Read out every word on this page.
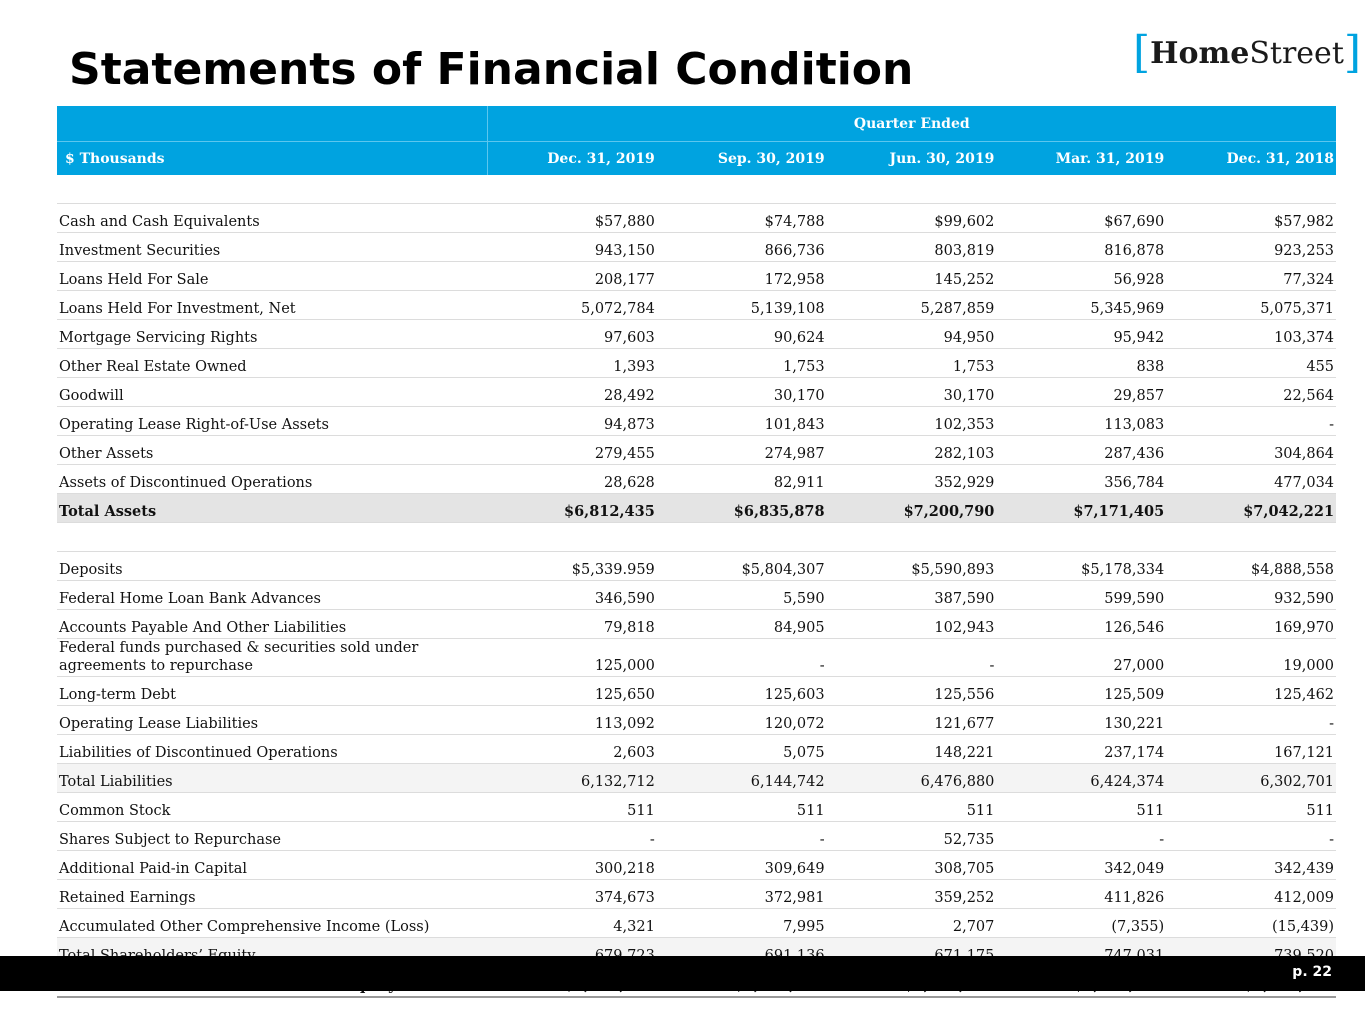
Statements of Financial Condition	[ Home Street ]
	Quarter Ended				
$ Thousands	Dec. 31, 2019	Sep. 30, 2019	Jun. 30, 2019	Mar. 31, 2019	Dec. 31, 2018

Cash and Cash Equivalents	$57,880	$74,788	$99,602	$67,690	$57,982
Investment Securities	943,150	866,736	803,819	816,878	923,253
Loans Held For Sale	208,177	172,958	145,252	56,928	77,324
Loans Held For Investment, Net	5,072,784	5,139,108	5,287,859	5,345,969	5,075,371
Mortgage Servicing Rights	97,603	90,624	94,950	95,942	103,374
Other Real Estate Owned	1,393	1,753	1,753	838	455
Goodwill	28,492	30,170	30,170	29,857	22,564
Operating Lease Right-of-Use Assets	94,873	101,843	102,353	113,083	-
Other Assets	279,455	274,987	282,103	287,436	304,864
Assets of Discontinued Operations	28,628	82,911	352,929	356,784	477,034
Total Assets	$6,812,435	$6,835,878	$7,200,790	$7,171,405	$7,042,221

Deposits	$5,339.959	$5,804,307	$5,590,893	$5,178,334	$4,888,558
Federal Home Loan Bank Advances	346,590	5,590	387,590	599,590	932,590
Accounts Payable And Other Liabilities	79,818	84,905	102,943	126,546	169,970
Federal funds purchased & securities sold under agreements to repurchase	125,000	-	-	27,000	19,000
Long-term Debt	125,650	125,603	125,556	125,509	125,462
Operating Lease Liabilities	113,092	120,072	121,677	130,221	-
Liabilities of Discontinued Operations	2,603	5,075	148,221	237,174	167,121
Total Liabilities	6,132,712	6,144,742	6,476,880	6,424,374	6,302,701
Common Stock	511	511	511	511	511
Shares Subject to Repurchase	-	-	52,735	-	-
Additional Paid-in Capital	300,218	309,649	308,705	342,049	342,439
Retained Earnings	374,673	372,981	359,252	411,826	412,009
Accumulated Other Comprehensive Income (Loss)	4,321	7,995	2,707	(7,355)	(15,439)

p. 22
